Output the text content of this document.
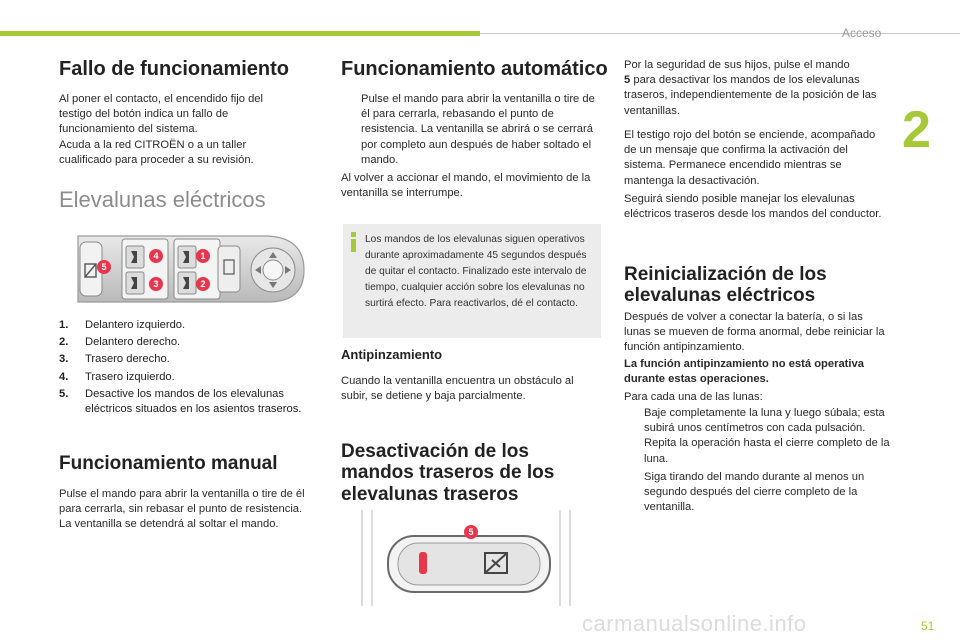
Acceso
2
51
carmanualsonline.info
Fallo de funcionamiento

Al poner el contacto, el encendido fijo del testigo del botón indica un fallo de funcionamiento del sistema.

Acuda a la red CITROËN o a un taller cualificado para proceder a su revisión.

Elevalunas eléctricos
4	1
3	2
5
1.	Delantero izquierdo.
2.	Delantero derecho.
3.	Trasero derecho.
4.	Trasero izquierdo.
5.	Desactive los mandos de los elevalunas eléctricos situados en los asientos traseros.
Funcionamiento manual

Pulse el mando para abrir la ventanilla o tire de él para cerrarla, sin rebasar el punto de resistencia. La ventanilla se detendrá al soltar el mando.

Funcionamiento automático
Pulse el mando para abrir la ventanilla o tire de él para cerrarla, rebasando el punto de resistencia. La ventanilla se abrirá o se cerrará por completo aun después de haber soltado el mando.

Al volver a accionar el mando, el movimiento de la ventanilla se interrumpe.

Los mandos de los elevalunas siguen operativos durante aproximadamente 45 segundos después de quitar el contacto. Finalizado este intervalo de tiempo, cualquier acción sobre los elevalunas no surtirá efecto. Para reactivarlos, dé el contacto.
Antipinzamiento

Cuando la ventanilla encuentra un obstáculo al subir, se detiene y baja parcialmente.

Desactivación de los mandos traseros de los elevalunas traseros
5

Por la seguridad de sus hijos, pulse el mando
5 para desactivar los mandos de los elevalunas traseros, independientemente de la posición de las ventanillas.

El testigo rojo del botón se enciende, acompañado de un mensaje que confirma la activación del sistema. Permanece encendido mientras se mantenga la desactivación.

Seguirá siendo posible manejar los elevalunas eléctricos traseros desde los mandos del conductor.

Reinicialización de los elevalunas eléctricos

Después de volver a conectar la batería, o si las lunas se mueven de forma anormal, debe reiniciar la función antipinzamiento.

La función antipinzamiento no está operativa durante estas operaciones.

Para cada una de las lunas:

Baje completamente la luna y luego súbala; esta subirá unos centímetros con cada pulsación. Repita la operación hasta el cierre completo de la luna.
Siga tirando del mando durante al menos un segundo después del cierre completo de la ventanilla.
